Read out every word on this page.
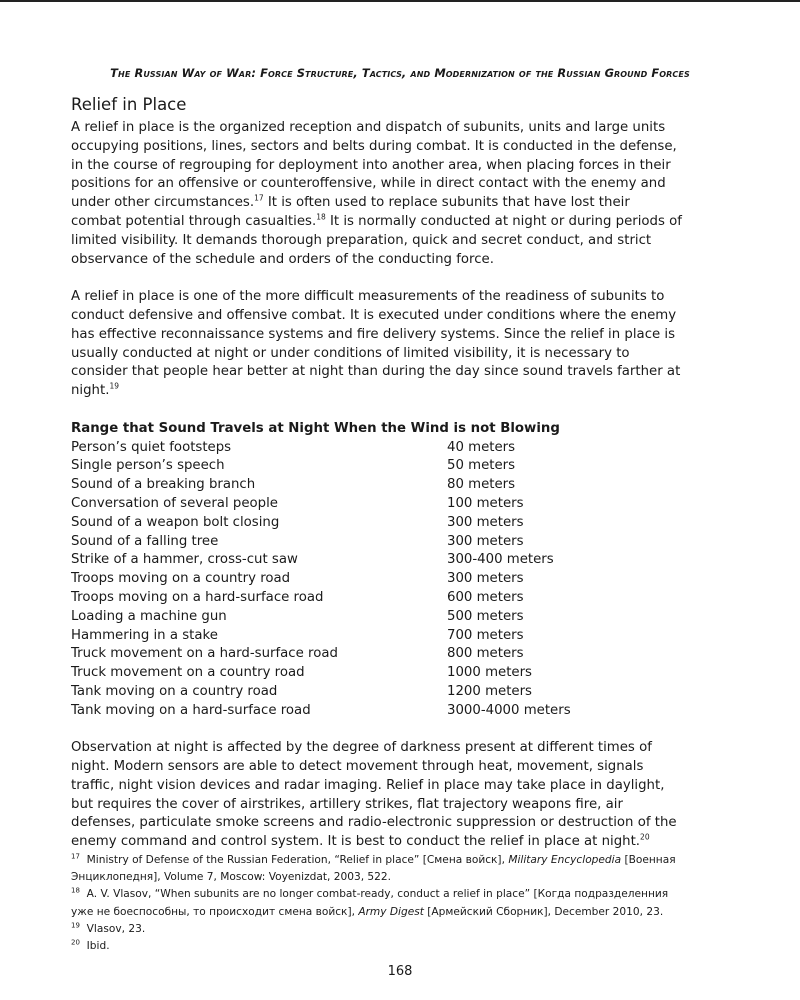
The Russian Way of War: Force Structure, Tactics, and Modernization of the Russian Ground Forces
Relief in Place

A relief in place is the organized reception and dispatch of subunits, units and large units occupying positions, lines, sectors and belts during combat. It is conducted in the defense, in the course of regrouping for deployment into another area, when placing forces in their positions for an offensive or counteroffensive, while in direct contact with the enemy and under other circumstances.$^{17}$ It is often used to replace subunits that have lost their combat potential through casualties.$^{18}$ It is normally conducted at night or during periods of limited visibility. It demands thorough preparation, quick and secret conduct, and strict observance of the schedule and orders of the conducting force.

A relief in place is one of the more difficult measurements of the readiness of subunits to conduct defensive and offensive combat. It is executed under conditions where the enemy has effective reconnaissance systems and fire delivery systems. Since the relief in place is usually conducted at night or under conditions of limited visibility, it is necessary to consider that people hear better at night than during the day since sound travels farther at night.$^{19}$

Range that Sound Travels at Night When the Wind is not Blowing
Person’s quiet footsteps	40 meters
Single person’s speech	50 meters
Sound of a breaking branch	80 meters
Conversation of several people	100 meters
Sound of a weapon bolt closing	300 meters
Sound of a falling tree	300 meters
Strike of a hammer, cross-cut saw	300-400 meters
Troops moving on a country road	300 meters
Troops moving on a hard-surface road	600 meters
Loading a machine gun	500 meters
Hammering in a stake	700 meters
Truck movement on a hard-surface road	800 meters
Truck movement on a country road	1000 meters
Tank moving on a country road	1200 meters
Tank moving on a hard-surface road	3000-4000 meters

Observation at night is affected by the degree of darkness present at different times of night. Modern sensors are able to detect movement through heat, movement, signals traffic, night vision devices and radar imaging. Relief in place may take place in daylight, but requires the cover of airstrikes, artillery strikes, flat trajectory weapons fire, air defenses, particulate smoke screens and radio-electronic suppression or destruction of the enemy command and control system. It is best to conduct the relief in place at night.$^{20}$

$^{17}$ Ministry of Defense of the Russian Federation, “Relief in place” [Смена войск], Military Encyclopedia [Военная Энциклопедня], Volume 7, Moscow: Voyenizdat, 2003, 522.
$^{18}$ A. V. Vlasov, “When subunits are no longer combat-ready, conduct a relief in place” [Когда подразделенния уже не боеспособны, то происходит смена войск], Army Digest [Армейский Сборник], December 2010, 23.
$^{19}$ Vlasov, 23.
$^{20}$ Ibid.
168
